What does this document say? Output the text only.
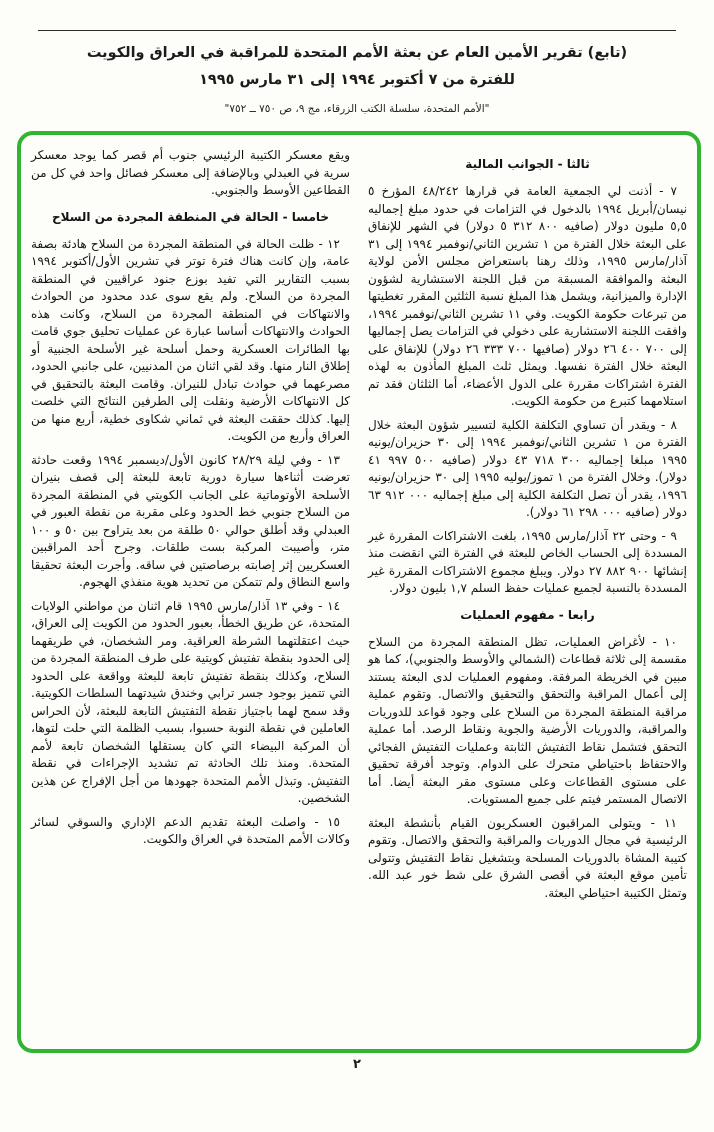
(تابع) تقرير الأمين العام عن بعثة الأمم المتحدة للمراقبة في العراق والكويت
للفترة من ٧ أكتوبر ١٩٩٤ إلى ٣١ مارس ١٩٩٥
"الأمم المتحدة، سلسلة الكتب الزرقاء، مج ٩، ص ٧٥٠ ــ ٧٥٢"
ثالثا - الجوانب المالية

٧ - أذنت لي الجمعية العامة في قرارها ٤٨/٢٤٢ المؤرخ ٥ نيسان/أبريل ١٩٩٤ بالدخول في التزامات في حدود مبلغ إجماليه ٥,٥ مليون دولار (صافيه ٥ ٣١٢ ٨٠٠ دولار) في الشهر للإنفاق على البعثة خلال الفترة من ١ تشرين الثاني/نوفمبر ١٩٩٤ إلى ٣١ آذار/مارس ١٩٩٥، وذلك رهنا باستعراض مجلس الأمن لولاية البعثة والموافقة المسبقة من قبل اللجنة الاستشارية لشؤون الإدارة والميزانية، ويشمل هذا المبلغ نسبة الثلثين المقرر تغطيتها من تبرعات حكومة الكويت. وفي ١١ تشرين الثاني/نوفمبر ١٩٩٤، وافقت اللجنة الاستشارية على دخولي في التزامات يصل إجماليها إلى ٢٦ ٤٠٠ ٧٠٠ دولار (صافيها ٢٦ ٣٣٣ ٧٠٠ دولار) للإنفاق على البعثة خلال الفترة نفسها. ويمثل ثلث المبلغ المأذون به لهذه الفترة اشتراكات مقررة على الدول الأعضاء، أما الثلثان فقد تم استلامهما كتبرع من حكومة الكويت.

٨ - ويقدر أن تساوي التكلفة الكلية لتسيير شؤون البعثة خلال الفترة من ١ تشرين الثاني/نوفمبر ١٩٩٤ إلى ٣٠ حزيران/يونيه ١٩٩٥ مبلغا إجماليه ٤٣ ٧١٨ ٣٠٠ دولار (صافيه ٤١ ٩٩٧ ٥٠٠ دولار). وخلال الفترة من ١ تموز/يوليه ١٩٩٥ إلى ٣٠ حزيران/يونيه ١٩٩٦، يقدر أن تصل التكلفة الكلية إلى مبلغ إجماليه ٦٣ ٩١٢ ٠٠٠ دولار (صافيه ٦١ ٢٩٨ ٠٠٠ دولار).

٩ - وحتى ٢٢ آذار/مارس ١٩٩٥، بلغت الاشتراكات المقررة غير المسددة إلى الحساب الخاص للبعثة في الفترة التي انقضت منذ إنشائها ٢٧ ٨٨٢ ٩٠٠ دولار. ويبلغ مجموع الاشتراكات المقررة غير المسددة بالنسبة لجميع عمليات حفظ السلم ١,٧ بليون دولار.

رابعا - مفهوم العمليات

١٠ - لأغراض العمليات، تظل المنطقة المجردة من السلاح مقسمة إلى ثلاثة قطاعات (الشمالي والأوسط والجنوبي)، كما هو مبين في الخريطة المرفقة. ومفهوم العمليات لدى البعثة يستند إلى أعمال المراقبة والتحقق والتحقيق والاتصال. وتقوم عملية مراقبة المنطقة المجردة من السلاح على وجود قواعد للدوريات والمراقبة، والدوريات الأرضية والجوية ونقاط الرصد. أما عملية التحقق فتشمل نقاط التفتيش الثابتة وعمليات التفتيش الفجائي والاحتفاظ باحتياطي متحرك على الدوام. وتوجد أفرقة تحقيق على مستوى القطاعات وعلى مستوى مقر البعثة أيضا. أما الاتصال المستمر فيتم على جميع المستويات.

١١ - ويتولى المراقبون العسكريون القيام بأنشطة البعثة الرئيسية في مجال الدوريات والمراقبة والتحقق والاتصال. وتقوم كتيبة المشاة بالدوريات المسلحة وبتشغيل نقاط التفتيش وتتولى تأمين موقع البعثة في أقصى الشرق على شط خور عبد الله. وتمثل الكتيبة احتياطي البعثة.

ويقع معسكر الكتيبة الرئيسي جنوب أم قصر كما يوجد معسكر سرية في العبدلي وبالإضافة إلى معسكر فصائل واحد في كل من القطاعين الأوسط والجنوبي.

خامسا - الحالة في المنطقة المجردة من السلاح

١٢ - ظلت الحالة في المنطقة المجردة من السلاح هادئة بصفة عامة، وإن كانت هناك فترة توتر في تشرين الأول/أكتوبر ١٩٩٤ بسبب التقارير التي تفيد بوزع جنود عراقيين في المنطقة المجردة من السلاح. ولم يقع سوى عدد محدود من الحوادث والانتهاكات في المنطقة المجردة من السلاح، وكانت هذه الحوادث والانتهاكات أساسا عبارة عن عمليات تحليق جوي قامت بها الطائرات العسكرية وحمل أسلحة غير الأسلحة الجنبية أو إطلاق النار منها. وقد لقي اثنان من المدنيين، على جانبي الحدود، مصرعهما في حوادث تبادل للنيران. وقامت البعثة بالتحقيق في كل الانتهاكات الأرضية ونقلت إلى الطرفين النتائج التي خلصت إليها. كذلك حققت البعثة في ثماني شكاوى خطية، أربع منها من العراق وأربع من الكويت.

١٣ - وفي ليلة ٢٨/٢٩ كانون الأول/ديسمبر ١٩٩٤ وقعت حادثة تعرضت أثناءها سيارة دورية تابعة للبعثة إلى قصف بنيران الأسلحة الأوتوماتية على الجانب الكويتي في المنطقة المجردة من السلاح جنوبي خط الحدود وعلى مقربة من نقطة العبور في العبدلي وقد أطلق حوالي ٥٠ طلقة من بعد يتراوح بين ٥٠ و ١٠٠ متر، وأصيبت المركبة بست طلقات. وجرح أحد المراقبين العسكريين إثر إصابته برصاصتين في ساقه. وأجرت البعثة تحقيقا واسع النطاق ولم تتمكن من تحديد هوية منفذي الهجوم.

١٤ - وفي ١٣ آذار/مارس ١٩٩٥ قام اثنان من مواطني الولايات المتحدة، عن طريق الخطأ، بعبور الحدود من الكويت إلى العراق، حيث اعتقلتهما الشرطة العراقية. ومر الشخصان، في طريقهما إلى الحدود بنقطة تفتيش كويتية على طرف المنطقة المجردة من السلاح، وكذلك بنقطة تفتيش تابعة للبعثة وواقعة على الحدود التي تتميز بوجود جسر ترابي وخندق شيدتهما السلطات الكويتية. وقد سمح لهما باجتياز نقطة التفتيش التابعة للبعثة، لأن الحراس العاملين في نقطة النوبة حسبوا، بسبب الظلمة التي حلت لتوها، أن المركبة البيضاء التي كان يستقلها الشخصان تابعة لأمم المتحدة. ومنذ تلك الحادثة تم تشديد الإجراءات في نقطة التفتيش. وتبذل الأمم المتحدة جهودها من أجل الإفراج عن هذين الشخصين.

١٥ - واصلت البعثة تقديم الدعم الإداري والسوقي لسائر وكالات الأمم المتحدة في العراق والكويت.

٢
